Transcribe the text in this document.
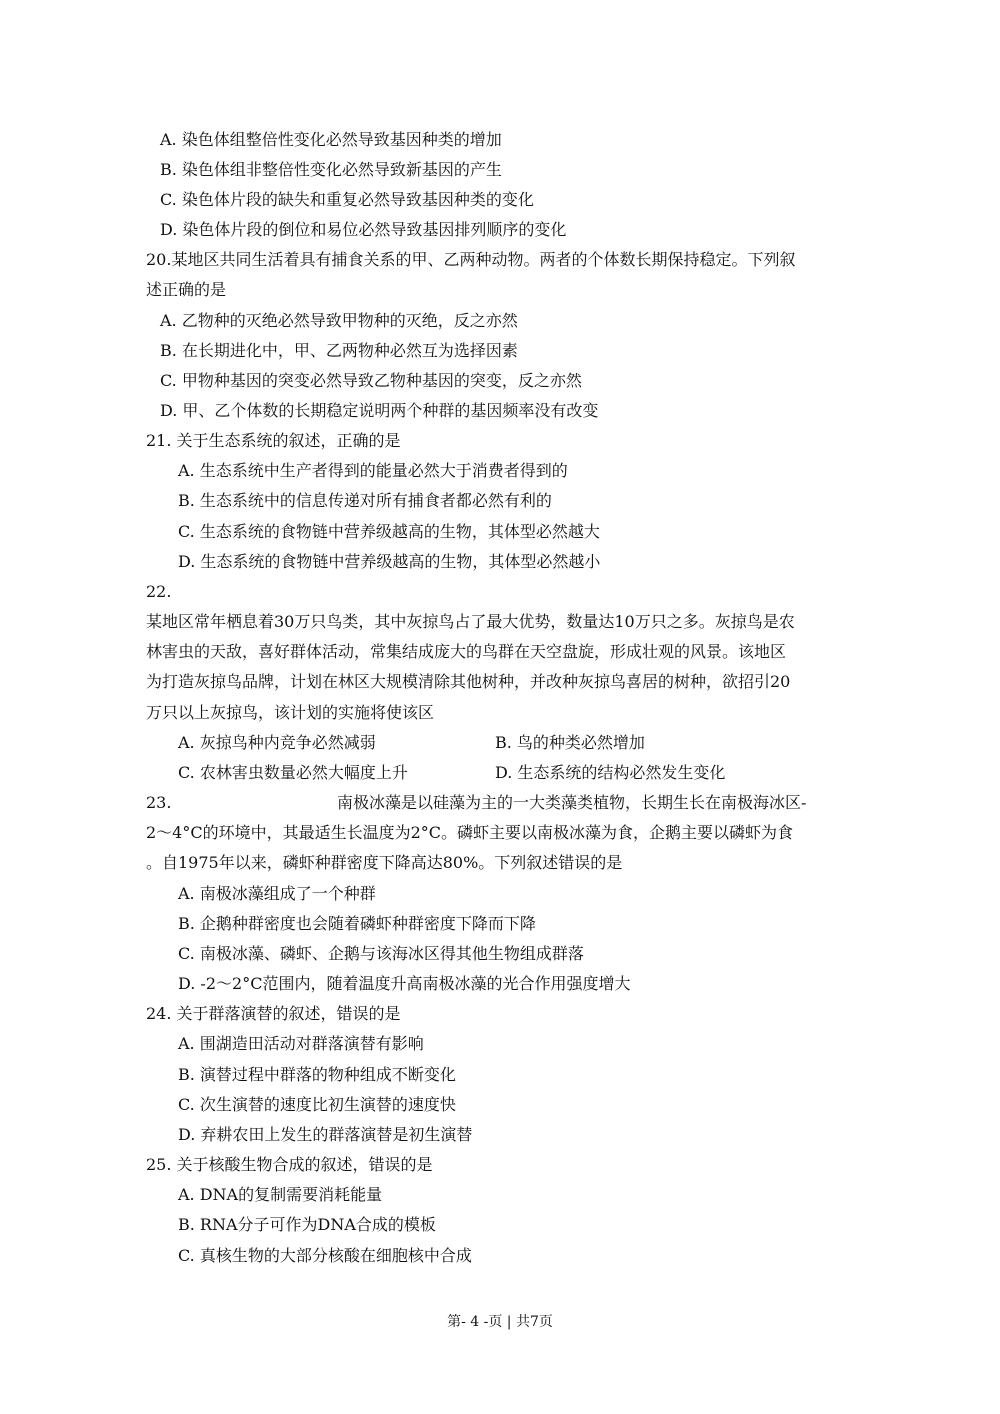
A. 染色体组整倍性变化必然导致基因种类的增加
B. 染色体组非整倍性变化必然导致新基因的产生
C. 染色体片段的缺失和重复必然导致基因种类的变化
D. 染色体片段的倒位和易位必然导致基因排列顺序的变化
20.某地区共同生活着具有捕食关系的甲、乙两种动物。两者的个体数长期保持稳定。下列叙
述正确的是
A. 乙物种的灭绝必然导致甲物种的灭绝，反之亦然
B. 在长期进化中，甲、乙两物种必然互为选择因素
C. 甲物种基因的突变必然导致乙物种基因的突变，反之亦然
D. 甲、乙个体数的长期稳定说明两个种群的基因频率没有改变
21. 关于生态系统的叙述，正确的是
A. 生态系统中生产者得到的能量必然大于消费者得到的
B. 生态系统中的信息传递对所有捕食者都必然有利的
C. 生态系统的食物链中营养级越高的生物，其体型必然越大
D. 生态系统的食物链中营养级越高的生物，其体型必然越小
22.
某地区常年栖息着30万只鸟类，其中灰掠鸟占了最大优势，数量达10万只之多。灰掠鸟是农
林害虫的天敌，喜好群体活动，常集结成庞大的鸟群在天空盘旋，形成壮观的风景。该地区
为打造灰掠鸟品牌，计划在林区大规模清除其他树种，并改种灰掠鸟喜居的树种，欲招引20
万只以上灰掠鸟，该计划的实施将使该区
A. 灰掠鸟种内竞争必然减弱	B. 鸟的种类必然增加
C. 农林害虫数量必然大幅度上升	D. 生态系统的结构必然发生变化
23.	南极冰藻是以硅藻为主的一大类藻类植物，长期生长在南极海冰区-
2～4°C的环境中，其最适生长温度为2°C。磷虾主要以南极冰藻为食，企鹅主要以磷虾为食
。自1975年以来，磷虾种群密度下降高达80%。下列叙述错误的是
A. 南极冰藻组成了一个种群
B. 企鹅种群密度也会随着磷虾种群密度下降而下降
C. 南极冰藻、磷虾、企鹅与该海冰区得其他生物组成群落
D. -2～2°C范围内，随着温度升高南极冰藻的光合作用强度增大
24. 关于群落演替的叙述，错误的是
A. 围湖造田活动对群落演替有影响
B. 演替过程中群落的物种组成不断变化
C. 次生演替的速度比初生演替的速度快
D. 弃耕农田上发生的群落演替是初生演替
25. 关于核酸生物合成的叙述，错误的是
A. DNA的复制需要消耗能量
B. RNA分子可作为DNA合成的模板
C. 真核生物的大部分核酸在细胞核中合成
第- 4 -页 | 共7页
